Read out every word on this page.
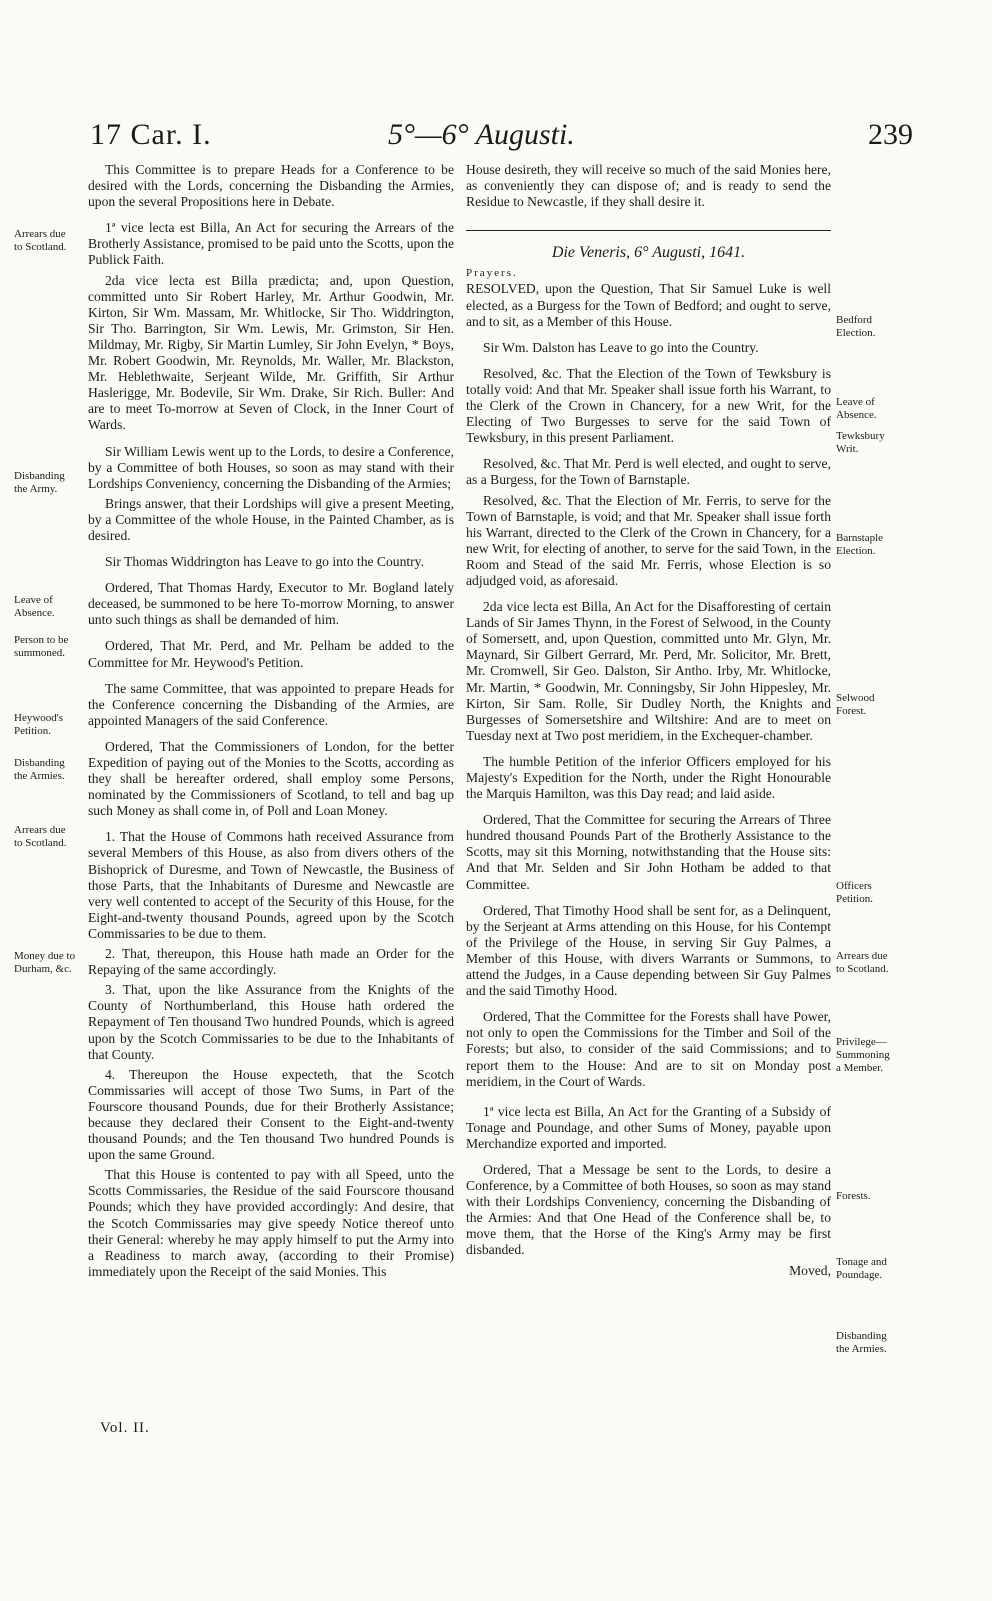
17 Car. I.	5°—6° Augusti.	239
Arrears due
to Scotland.
Disbanding
the Army.
Leave of
Absence.
Person to be
summoned.
Heywood's
Petition.
Disbanding
the Armies.
Arrears due
to Scotland.
Money due to
Durham, &c.
Bedford
Election.
Leave of
Absence.
Tewksbury
Writ.
Barnstaple
Election.
Selwood
Forest.
Officers
Petition.
Arrears due
to Scotland.
Privilege—
Summoning
a Member.
Forests.
Tonage and
Poundage.
Disbanding
the Armies.

This Committee is to prepare Heads for a Conference to be desired with the Lords, concerning the Disbanding the Armies, upon the several Propositions here in Debate.

1ª vice lecta est Billa, An Act for securing the Arrears of the Brotherly Assistance, promised to be paid unto the Scotts, upon the Publick Faith.

2da vice lecta est Billa prædicta; and, upon Question, committed unto Sir Robert Harley, Mr. Arthur Goodwin, Mr. Kirton, Sir Wm. Massam, Mr. Whitlocke, Sir Tho. Widdrington, Sir Tho. Barrington, Sir Wm. Lewis, Mr. Grimston, Sir Hen. Mildmay, Mr. Rigby, Sir Martin Lumley, Sir John Evelyn, * Boys, Mr. Robert Goodwin, Mr. Reynolds, Mr. Waller, Mr. Blackston, Mr. Heblethwaite, Serjeant Wilde, Mr. Griffith, Sir Arthur Haslerigge, Mr. Bodevile, Sir Wm. Drake, Sir Rich. Buller: And are to meet To-morrow at Seven of Clock, in the Inner Court of Wards.

Sir William Lewis went up to the Lords, to desire a Conference, by a Committee of both Houses, so soon as may stand with their Lordships Conveniency, concerning the Disbanding of the Armies;

Brings answer, that their Lordships will give a present Meeting, by a Committee of the whole House, in the Painted Chamber, as is desired.

Sir Thomas Widdrington has Leave to go into the Country.

Ordered, That Thomas Hardy, Executor to Mr. Bogland lately deceased, be summoned to be here To-morrow Morning, to answer unto such things as shall be demanded of him.

Ordered, That Mr. Perd, and Mr. Pelham be added to the Committee for Mr. Heywood's Petition.

The same Committee, that was appointed to prepare Heads for the Conference concerning the Disbanding of the Armies, are appointed Managers of the said Conference.

Ordered, That the Commissioners of London, for the better Expedition of paying out of the Monies to the Scotts, according as they shall be hereafter ordered, shall employ some Persons, nominated by the Commissioners of Scotland, to tell and bag up such Money as shall come in, of Poll and Loan Money.

1. That the House of Commons hath received Assurance from several Members of this House, as also from divers others of the Bishoprick of Duresme, and Town of Newcastle, the Business of those Parts, that the Inhabitants of Duresme and Newcastle are very well contented to accept of the Security of this House, for the Eight-and-twenty thousand Pounds, agreed upon by the Scotch Commissaries to be due to them.

2. That, thereupon, this House hath made an Order for the Repaying of the same accordingly.

3. That, upon the like Assurance from the Knights of the County of Northumberland, this House hath ordered the Repayment of Ten thousand Two hundred Pounds, which is agreed upon by the Scotch Commissaries to be due to the Inhabitants of that County.

4. Thereupon the House expecteth, that the Scotch Commissaries will accept of those Two Sums, in Part of the Fourscore thousand Pounds, due for their Brotherly Assistance; because they declared their Consent to the Eight-and-twenty thousand Pounds; and the Ten thousand Two hundred Pounds is upon the same Ground.

That this House is contented to pay with all Speed, unto the Scotts Commissaries, the Residue of the said Fourscore thousand Pounds; which they have provided accordingly: And desire, that the Scotch Commissaries may give speedy Notice thereof unto their General: whereby he may apply himself to put the Army into a Readiness to march away, (according to their Promise) immediately upon the Receipt of the said Monies. This

House desireth, they will receive so much of the said Monies here, as conveniently they can dispose of; and is ready to send the Residue to Newcastle, if they shall desire it.

Die Veneris, 6° Augusti, 1641.

Prayers.

RESOLVED, upon the Question, That Sir Samuel Luke is well elected, as a Burgess for the Town of Bedford; and ought to serve, and to sit, as a Member of this House.

Sir Wm. Dalston has Leave to go into the Country.

Resolved, &c. That the Election of the Town of Tewksbury is totally void: And that Mr. Speaker shall issue forth his Warrant, to the Clerk of the Crown in Chancery, for a new Writ, for the Electing of Two Burgesses to serve for the said Town of Tewksbury, in this present Parliament.

Resolved, &c. That Mr. Perd is well elected, and ought to serve, as a Burgess, for the Town of Barnstaple.

Resolved, &c. That the Election of Mr. Ferris, to serve for the Town of Barnstaple, is void; and that Mr. Speaker shall issue forth his Warrant, directed to the Clerk of the Crown in Chancery, for a new Writ, for electing of another, to serve for the said Town, in the Room and Stead of the said Mr. Ferris, whose Election is so adjudged void, as aforesaid.

2da vice lecta est Billa, An Act for the Disafforesting of certain Lands of Sir James Thynn, in the Forest of Selwood, in the County of Somersett, and, upon Question, committed unto Mr. Glyn, Mr. Maynard, Sir Gilbert Gerrard, Mr. Perd, Mr. Solicitor, Mr. Brett, Mr. Cromwell, Sir Geo. Dalston, Sir Antho. Irby, Mr. Whitlocke, Mr. Martin, * Goodwin, Mr. Conningsby, Sir John Hippesley, Mr. Kirton, Sir Sam. Rolle, Sir Dudley North, the Knights and Burgesses of Somersetshire and Wiltshire: And are to meet on Tuesday next at Two post meridiem, in the Exchequer-chamber.

The humble Petition of the inferior Officers employed for his Majesty's Expedition for the North, under the Right Honourable the Marquis Hamilton, was this Day read; and laid aside.

Ordered, That the Committee for securing the Arrears of Three hundred thousand Pounds Part of the Brotherly Assistance to the Scotts, may sit this Morning, notwithstanding that the House sits: And that Mr. Selden and Sir John Hotham be added to that Committee.

Ordered, That Timothy Hood shall be sent for, as a Delinquent, by the Serjeant at Arms attending on this House, for his Contempt of the Privilege of the House, in serving Sir Guy Palmes, a Member of this House, with divers Warrants or Summons, to attend the Judges, in a Cause depending between Sir Guy Palmes and the said Timothy Hood.

Ordered, That the Committee for the Forests shall have Power, not only to open the Commissions for the Timber and Soil of the Forests; but also, to consider of the said Commissions; and to report them to the House: And are to sit on Monday post meridiem, in the Court of Wards.

1ª vice lecta est Billa, An Act for the Granting of a Subsidy of Tonage and Poundage, and other Sums of Money, payable upon Merchandize exported and imported.

Ordered, That a Message be sent to the Lords, to desire a Conference, by a Committee of both Houses, so soon as may stand with their Lordships Conveniency, concerning the Disbanding of the Armies: And that One Head of the Conference shall be, to move them, that the Horse of the King's Army may be first disbanded.

Moved,

Vol. II.
